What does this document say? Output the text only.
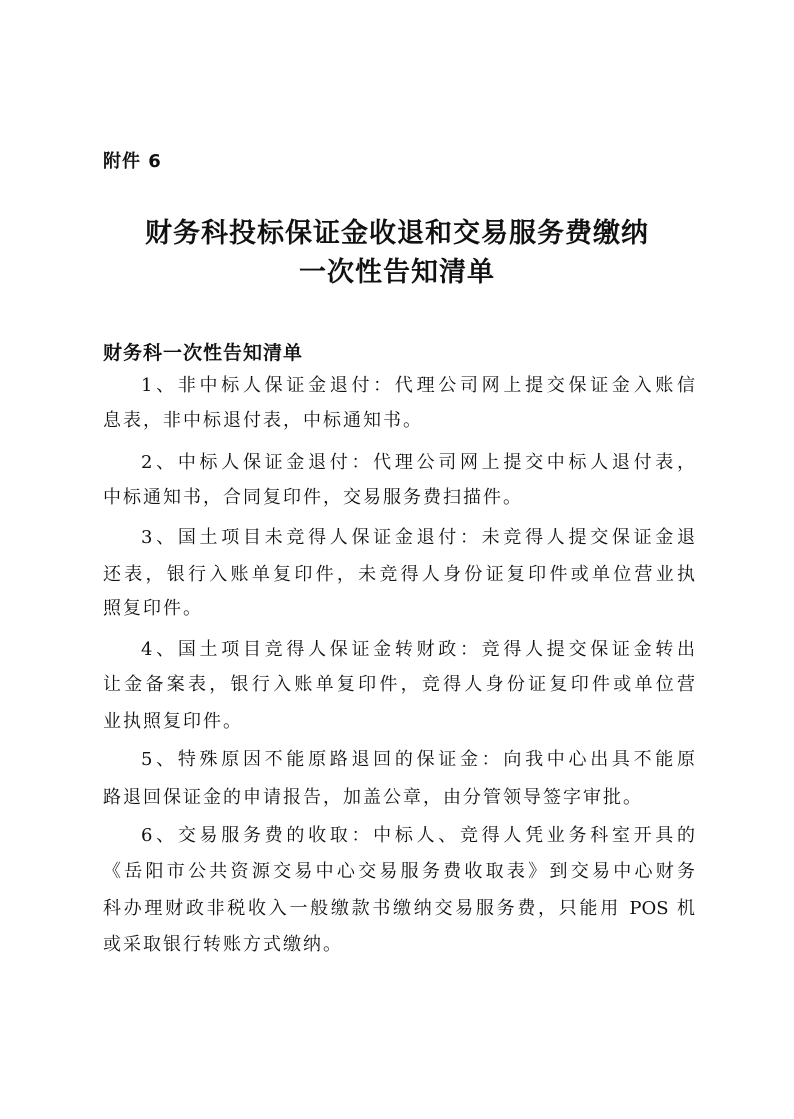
附件 6
财务科投标保证金收退和交易服务费缴纳
一次性告知清单
财务科一次性告知清单
1、非中标人保证金退付：代理公司网上提交保证金入账信
息表，非中标退付表，中标通知书。
2、中标人保证金退付：代理公司网上提交中标人退付表，
中标通知书，合同复印件，交易服务费扫描件。
3、国土项目未竞得人保证金退付：未竞得人提交保证金退
还表，银行入账单复印件，未竞得人身份证复印件或单位营业执
照复印件。
4、国土项目竞得人保证金转财政：竞得人提交保证金转出
让金备案表，银行入账单复印件，竞得人身份证复印件或单位营
业执照复印件。
5、特殊原因不能原路退回的保证金：向我中心出具不能原
路退回保证金的申请报告，加盖公章，由分管领导签字审批。
6、交易服务费的收取：中标人、竞得人凭业务科室开具的
《岳阳市公共资源交易中心交易服务费收取表》到交易中心财务
科办理财政非税收入一般缴款书缴纳交易服务费，只能用 POS 机
或采取银行转账方式缴纳。
